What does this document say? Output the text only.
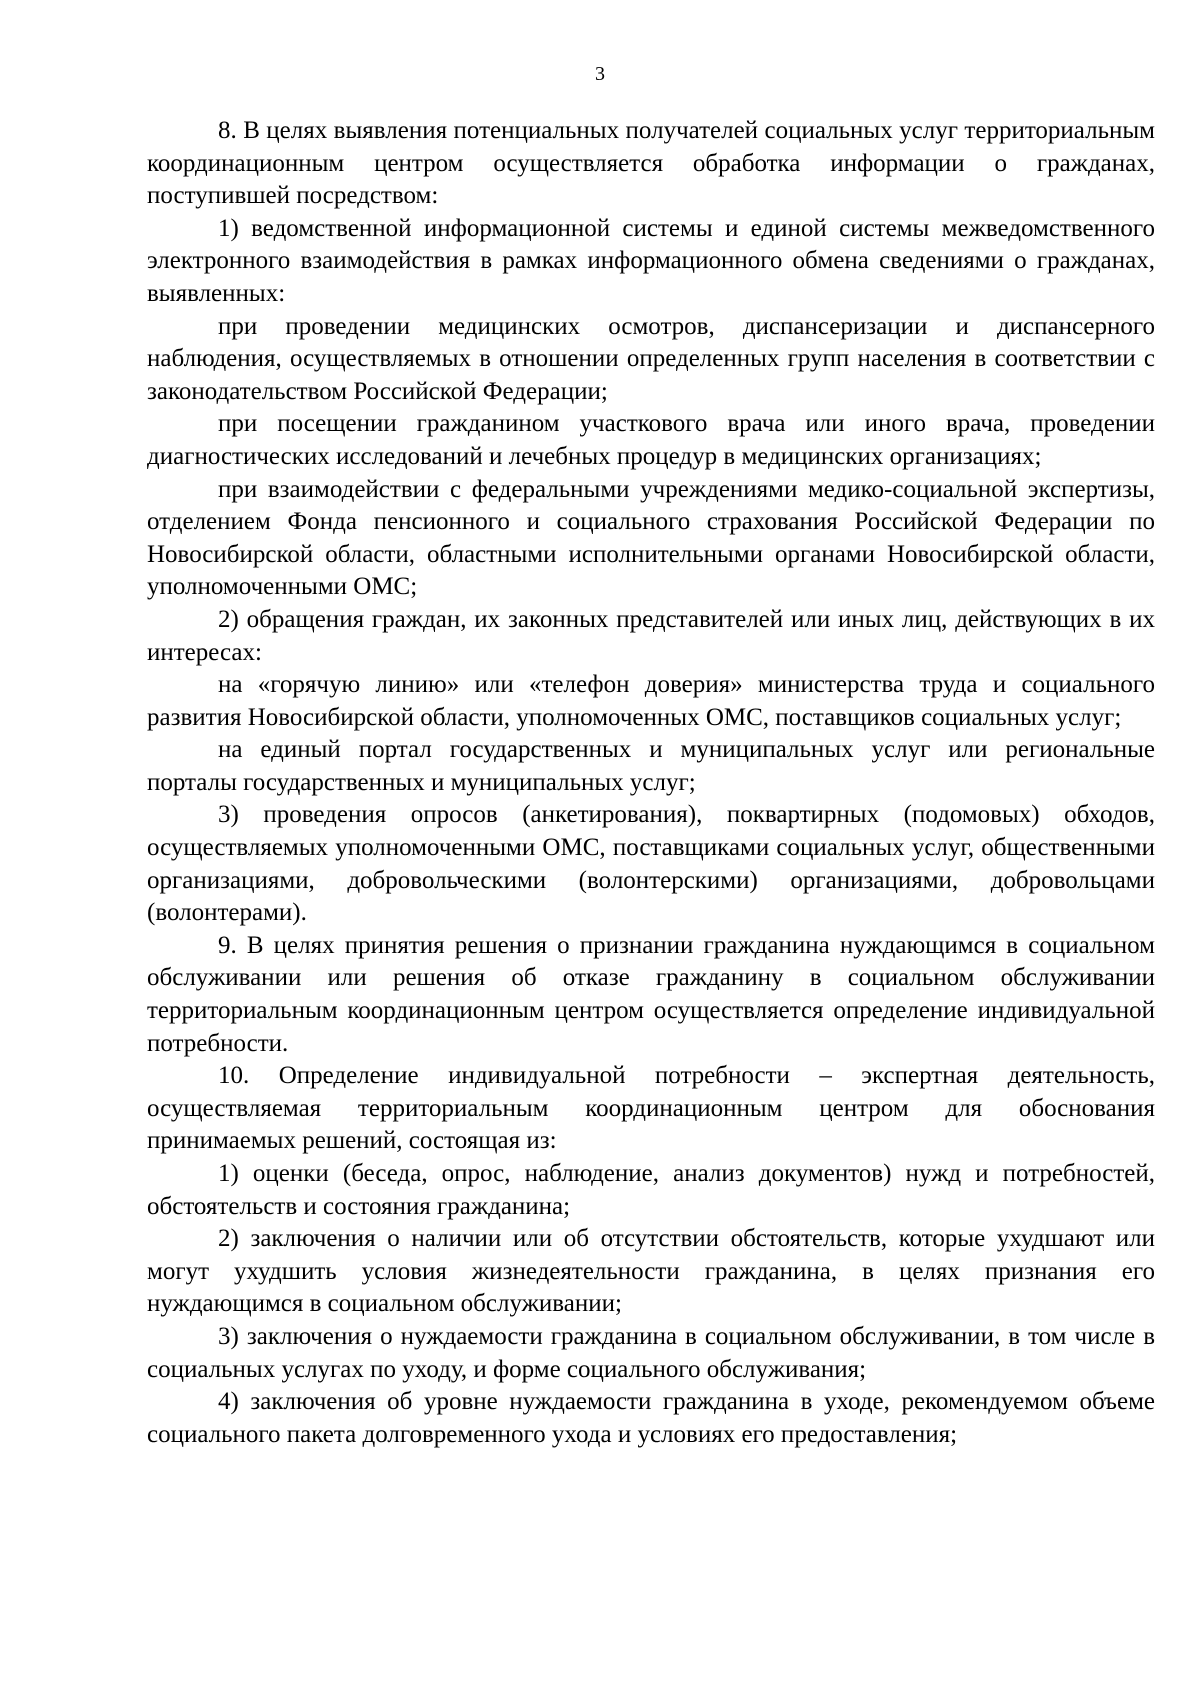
3

8. В целях выявления потенциальных получателей социальных услуг территориальным координационным центром осуществляется обработка информации о гражданах, поступившей посредством:

1) ведомственной информационной системы и единой системы межведомственного электронного взаимодействия в рамках информационного обмена сведениями о гражданах, выявленных:

при проведении медицинских осмотров, диспансеризации и диспансерного наблюдения, осуществляемых в отношении определенных групп населения в соответствии с законодательством Российской Федерации;

при посещении гражданином участкового врача или иного врача, проведении диагностических исследований и лечебных процедур в медицинских организациях;

при взаимодействии с федеральными учреждениями медико-социальной экспертизы, отделением Фонда пенсионного и социального страхования Российской Федерации по Новосибирской области, областными исполнительными органами Новосибирской области, уполномоченными ОМС;

2) обращения граждан, их законных представителей или иных лиц, действующих в их интересах:

на «горячую линию» или «телефон доверия» министерства труда и социального развития Новосибирской области, уполномоченных ОМС, поставщиков социальных услуг;

на единый портал государственных и муниципальных услуг или региональные порталы государственных и муниципальных услуг;

3) проведения опросов (анкетирования), поквартирных (подомовых) обходов, осуществляемых уполномоченными ОМС, поставщиками социальных услуг, общественными организациями, добровольческими (волонтерскими) организациями, добровольцами (волонтерами).

9. В целях принятия решения о признании гражданина нуждающимся в социальном обслуживании или решения об отказе гражданину в социальном обслуживании территориальным координационным центром осуществляется определение индивидуальной потребности.

10. Определение индивидуальной потребности – экспертная деятельность, осуществляемая территориальным координационным центром для обоснования принимаемых решений, состоящая из:

1) оценки (беседа, опрос, наблюдение, анализ документов) нужд и потребностей, обстоятельств и состояния гражданина;

2) заключения о наличии или об отсутствии обстоятельств, которые ухудшают или могут ухудшить условия жизнедеятельности гражданина, в целях признания его нуждающимся в социальном обслуживании;

3) заключения о нуждаемости гражданина в социальном обслуживании, в том числе в социальных услугах по уходу, и форме социального обслуживания;

4) заключения об уровне нуждаемости гражданина в уходе, рекомендуемом объеме социального пакета долговременного ухода и условиях его предоставления;
